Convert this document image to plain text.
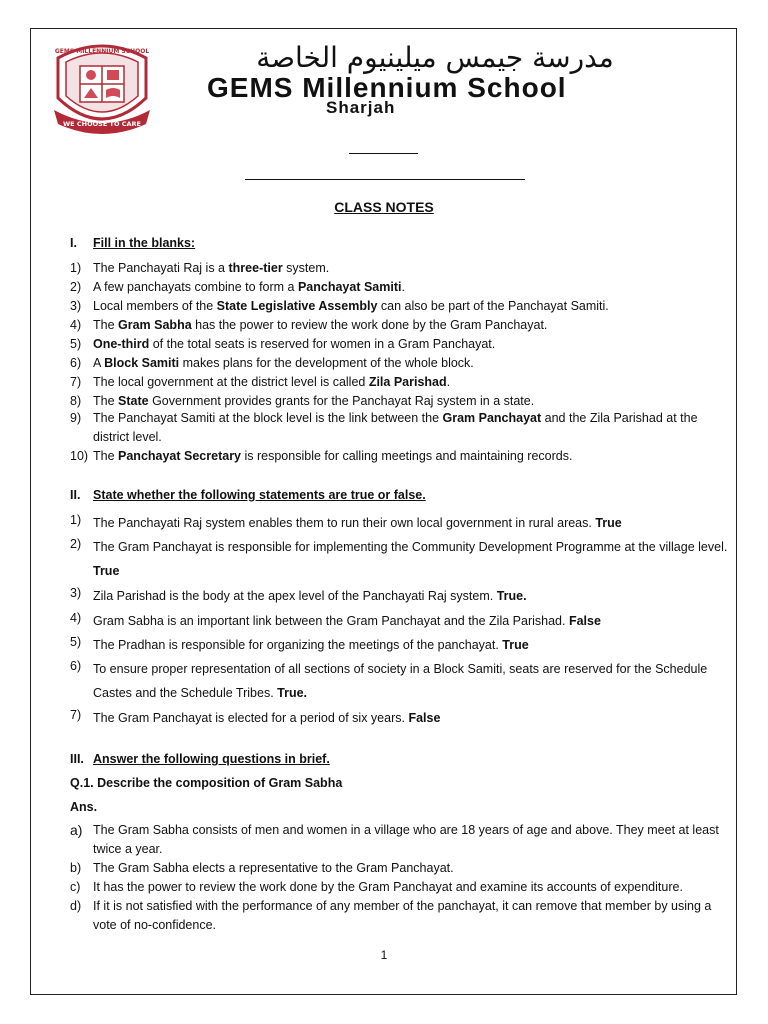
WE CHOOSE TO CARE
GEMS MILLENNIUM SCHOOL	مدرسة جيمس ميلينيوم الخاصة
GEMS Millennium School
Sharjah
CLASS NOTES
I. Fill in the blanks:
1) The Panchayati Raj is a three-tier system.
2) A few panchayats combine to form a Panchayat Samiti.
3) Local members of the State Legislative Assembly can also be part of the Panchayat Samiti.
4) The Gram Sabha has the power to review the work done by the Gram Panchayat.
5) One-third of the total seats is reserved for women in a Gram Panchayat.
6) A Block Samiti makes plans for the development of the whole block.
7) The local government at the district level is called Zila Parishad.
8) The State Government provides grants for the Panchayat Raj system in a state.
9) The Panchayat Samiti at the block level is the link between the Gram Panchayat and the Zila Parishad at the district level.
10) The Panchayat Secretary is responsible for calling meetings and maintaining records.
II. State whether the following statements are true or false.
1) The Panchayati Raj system enables them to run their own local government in rural areas. True
2) The Gram Panchayat is responsible for implementing the Community Development Programme at the village level. True
3) Zila Parishad is the body at the apex level of the Panchayati Raj system. True.
4) Gram Sabha is an important link between the Gram Panchayat and the Zila Parishad. False
5) The Pradhan is responsible for organizing the meetings of the panchayat. True
6) To ensure proper representation of all sections of society in a Block Samiti, seats are reserved for the Schedule Castes and the Schedule Tribes. True.
7) The Gram Panchayat is elected for a period of six years. False
III. Answer the following questions in brief.
Q.1. Describe the composition of Gram Sabha
Ans.
a) The Gram Sabha consists of men and women in a village who are 18 years of age and above. They meet at least twice a year.
b) The Gram Sabha elects a representative to the Gram Panchayat.
c) It has the power to review the work done by the Gram Panchayat and examine its accounts of expenditure.
d) If it is not satisfied with the performance of any member of the panchayat, it can remove that member by using a vote of no-confidence.
1
